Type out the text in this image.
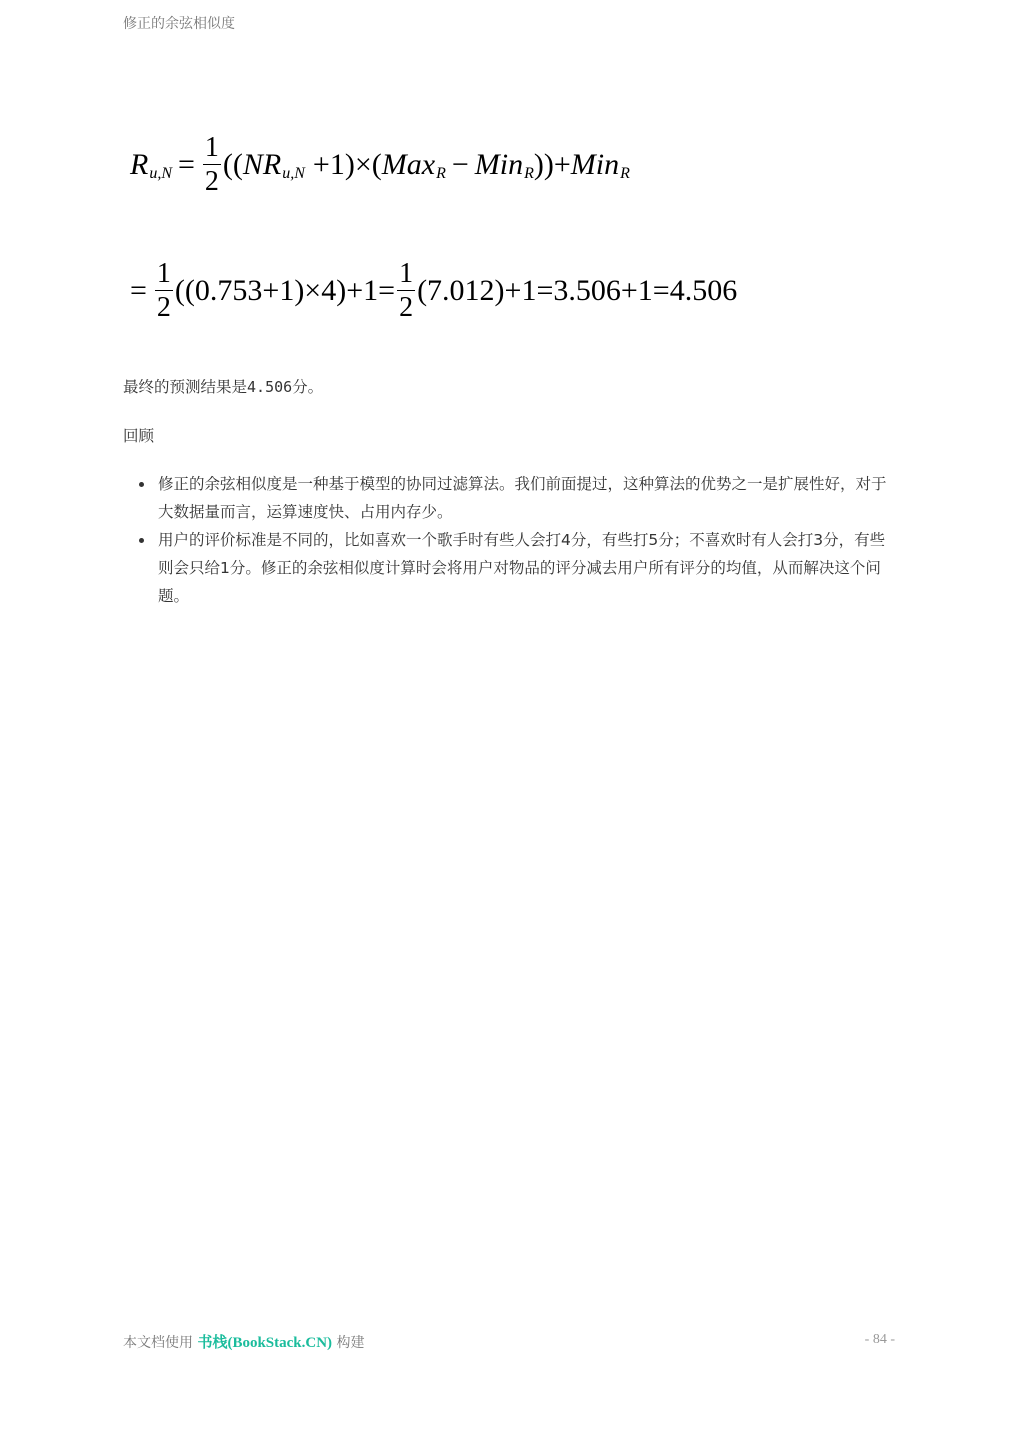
修正的余弦相似度
R $u,N = \frac{1}{2}$ (( NR u,N +1)×( Max R − Min R ))+ Min R
= $\frac{1}{2} ((0.753+1)\times 4)+1= \frac{1}{2} (7.012)+1=3.506+1=4.506$
最终的预测结果是4.506分。
回顾
修正的余弦相似度是一种基于模型的协同过滤算法。我们前面提过，这种算法的优势之一是扩展性好，对于大数据量而言，运算速度快、占用内存少。
用户的评价标准是不同的，比如喜欢一个歌手时有些人会打4分，有些打5分；不喜欢时有人会打3分，有些则会只给1分。修正的余弦相似度计算时会将用户对物品的评分减去用户所有评分的均值，从而解决这个问题。
本文档使用 书栈(BookStack.CN) 构建	- 84 -
